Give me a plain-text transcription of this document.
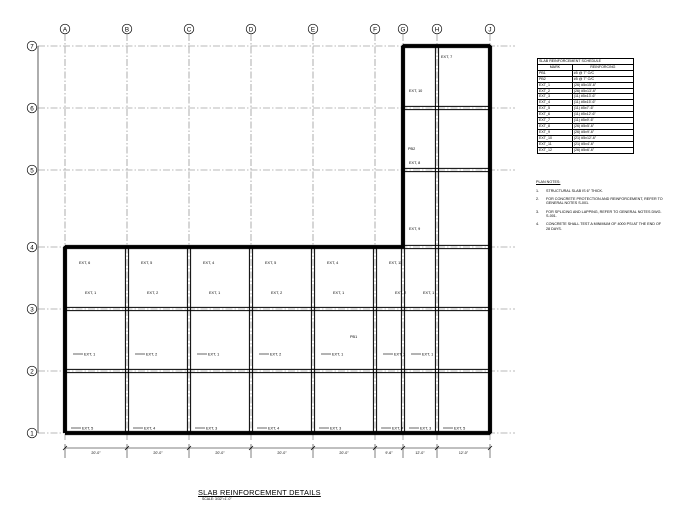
A	B	C	D	E	F	G	H	J
1
2
3
4
5
6
7
20'-0"	20'-0"	20'-0"	20'-0"	20'-0"	9'-6"	12'-0"	12'-0"
EXT, 5	EXT, 4	EXT, 3	EXT, 4	EXT, 3	EXT, 4	EXT, 3	EXT, 5
EXT, 1
EXT, 1
EXT, 2
EXT, 2
EXT, 1
EXT, 1
EXT, 2
EXT, 2
EXT, 1
EXT, 1
EXT, 2
EXT, 2
EXT, 1
EXT, 1
EXT, 6	EXT, 5	EXT, 4	EXT, 5	EXT, 4	EXT, 11
EXT, 9
EXT, 8
EXT, 10
EXT, 7
PB1
PB2
SLAB REINFORCEMENT SCHEDULE	
MARK	REINFORCING
PB1	#5 @ 7" O/C
PB2	#5 @ 7" O/C
EXT_1	(26) #5x15'-6"
EXT_2	(26) #5x13'-6"
EXT_3	(11) #5x13'-6"
EXT_4	(11) #5x15'-6"
EXT_5	(11) #5x7'-6"
EXT_6	(11) #5x12'-6"
EXT_7	(11) #5x9'-6"
EXT_8	(26) #5x5'-6"
EXT_9	(26) #5x9'-6"
EXT_10	(21) #5x12'-6"
EXT_11	(21) #5x4'-6"
EXT_12	(26) #5x6'-6"
PLAN NOTES:
1.	STRUCTURAL SLAB IS 6" THICK.
2.	FOR CONCRETE PROTECTION AND REINFORCEMENT, REFER TO GENERAL NOTES S-001.
3.	FOR SPLICING AND LAPPING, REFER TO GENERAL NOTES DWG. S-001.
4.	CONCRETE SHALL TEST A MINIMUM OF 4000 PSI AT THE END OF 28 DAYS.
SLAB REINFORCEMENT DETAILS
SCALE: 3/32"=1'-0"
